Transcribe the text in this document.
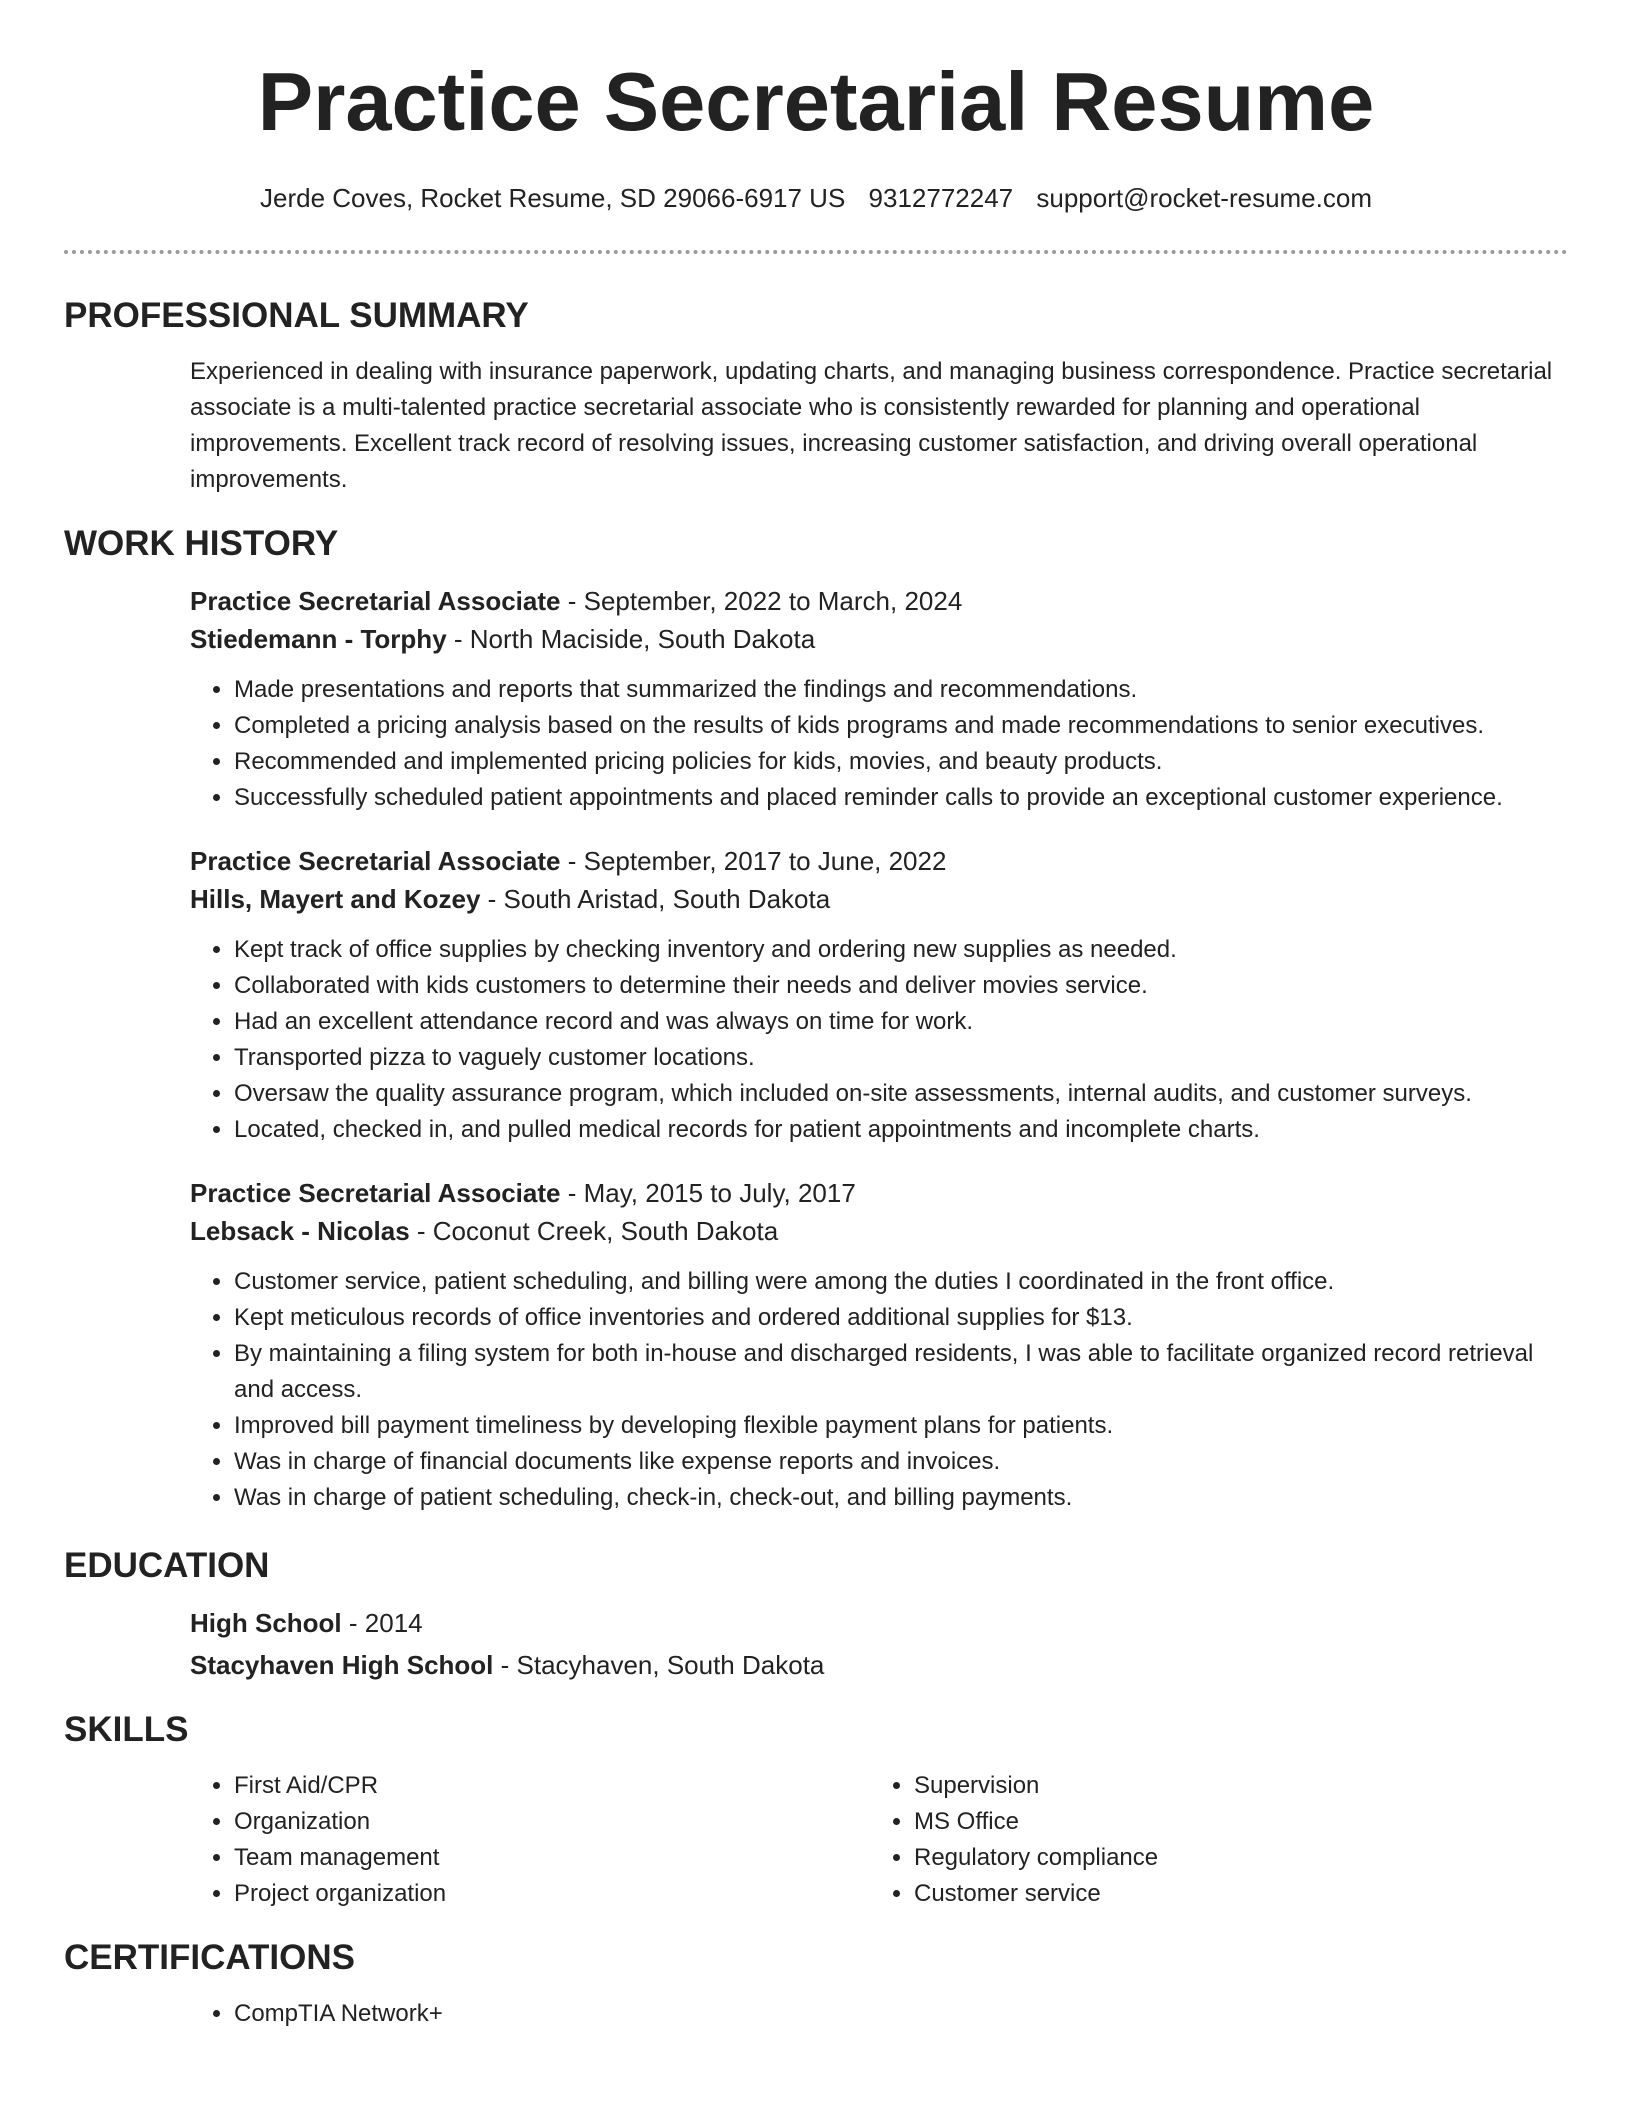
Practice Secretarial Resume
Jerde Coves, Rocket Resume, SD 29066-6917 US 9312772247 support@rocket-resume.com
PROFESSIONAL SUMMARY

Experienced in dealing with insurance paperwork, updating charts, and managing business correspondence. Practice secretarial associate is a multi-talented practice secretarial associate who is consistently rewarded for planning and operational improvements. Excellent track record of resolving issues, increasing customer satisfaction, and driving overall operational improvements.

WORK HISTORY
Practice Secretarial Associate - September, 2022 to March, 2024
Stiedemann - Torphy - North Maciside, South Dakota
• Made presentations and reports that summarized the findings and recommendations.
• Completed a pricing analysis based on the results of kids programs and made recommendations to senior executives.
• Recommended and implemented pricing policies for kids, movies, and beauty products.
• Successfully scheduled patient appointments and placed reminder calls to provide an exceptional customer experience.
Practice Secretarial Associate - September, 2017 to June, 2022
Hills, Mayert and Kozey - South Aristad, South Dakota
• Kept track of office supplies by checking inventory and ordering new supplies as needed.
• Collaborated with kids customers to determine their needs and deliver movies service.
• Had an excellent attendance record and was always on time for work.
• Transported pizza to vaguely customer locations.
• Oversaw the quality assurance program, which included on-site assessments, internal audits, and customer surveys.
• Located, checked in, and pulled medical records for patient appointments and incomplete charts.
Practice Secretarial Associate - May, 2015 to July, 2017
Lebsack - Nicolas - Coconut Creek, South Dakota
• Customer service, patient scheduling, and billing were among the duties I coordinated in the front office.
• Kept meticulous records of office inventories and ordered additional supplies for $13.
• By maintaining a filing system for both in-house and discharged residents, I was able to facilitate organized record retrieval and access.
• Improved bill payment timeliness by developing flexible payment plans for patients.
• Was in charge of financial documents like expense reports and invoices.
• Was in charge of patient scheduling, check-in, check-out, and billing payments.
EDUCATION
High School - 2014
Stacyhaven High School - Stacyhaven, South Dakota
SKILLS
• First Aid/CPR
• Organization
• Team management
• Project organization
• Supervision
• MS Office
• Regulatory compliance
• Customer service
CERTIFICATIONS
• CompTIA Network+
